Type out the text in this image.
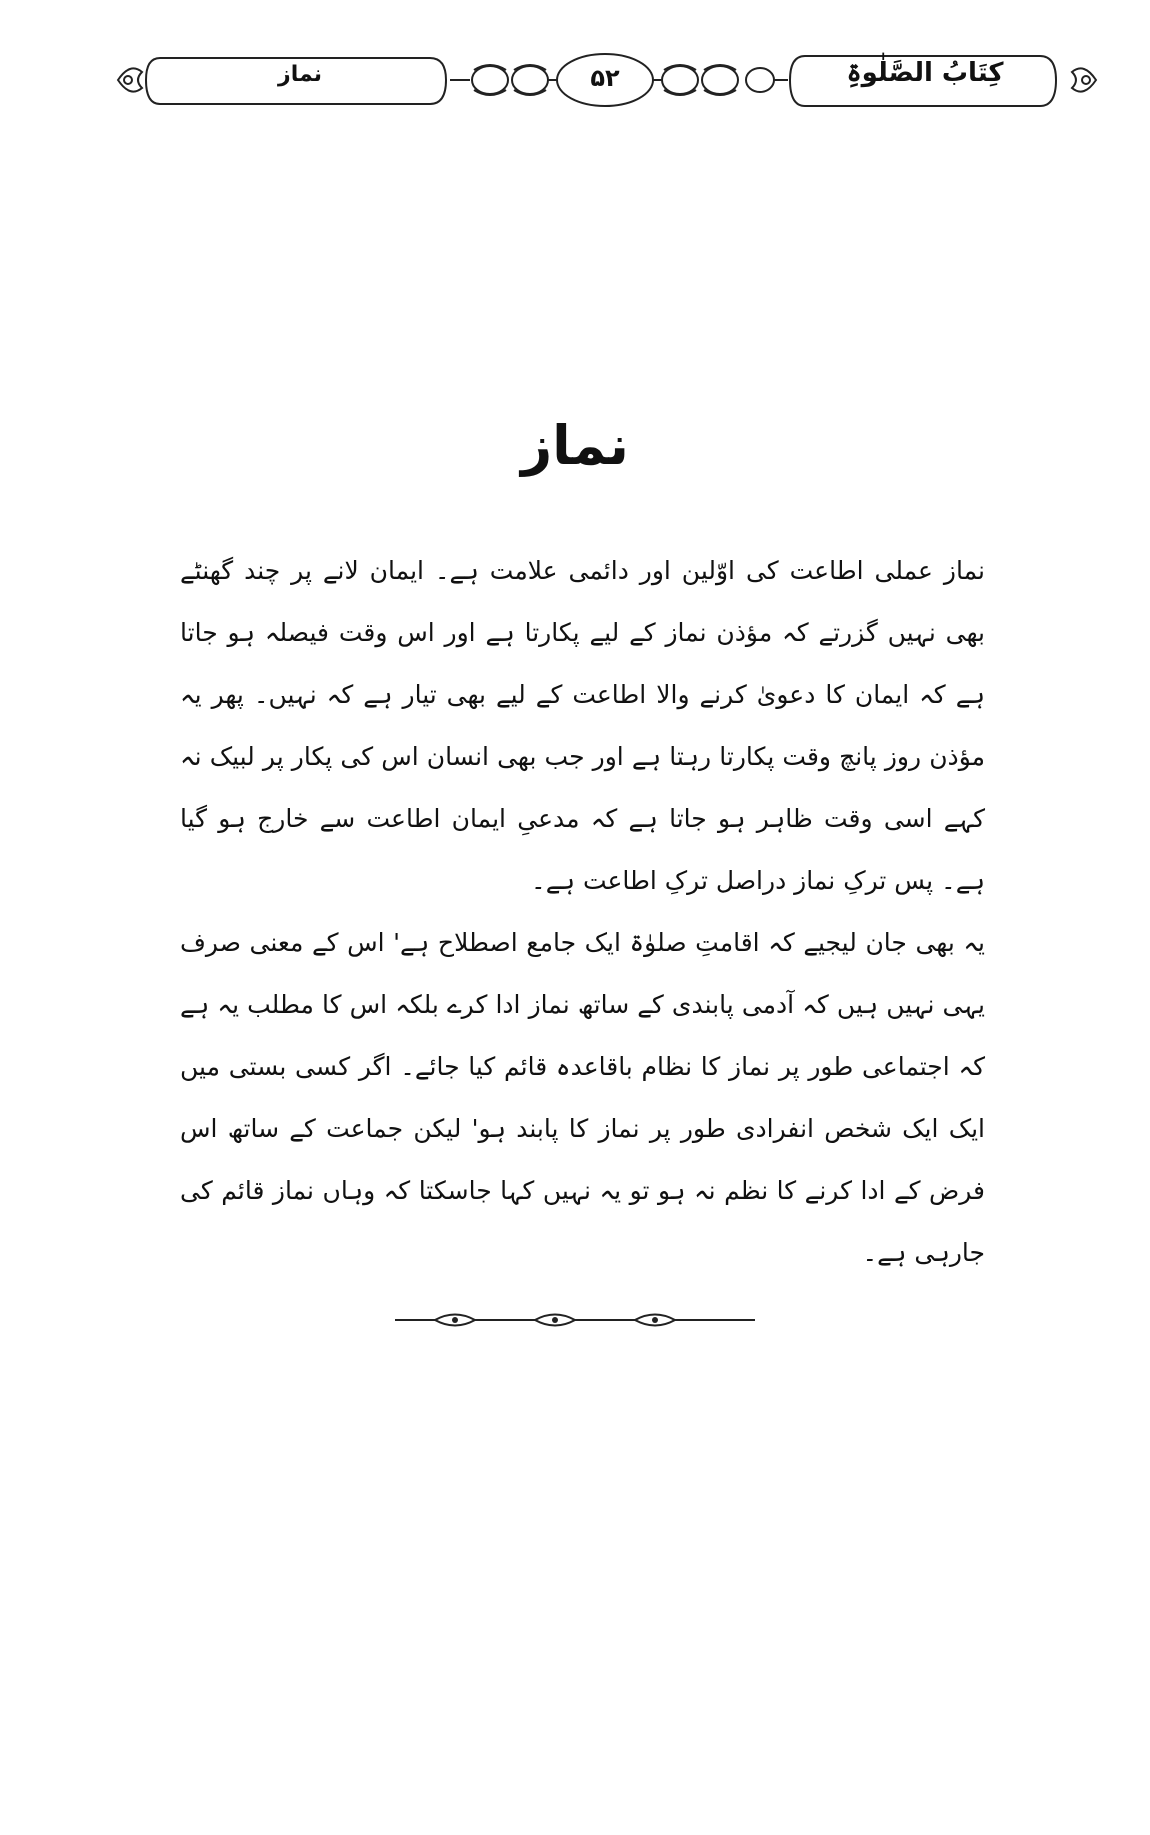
نماز	۵۲	کِتَابُ الصَّلٰوۃِ
نماز

نماز عملی اطاعت کی اوّلین اور دائمی علامت ہے۔ ایمان لانے پر چند گھنٹے بھی نہیں گزرتے کہ مؤذن نماز کے لیے پکارتا ہے اور اس وقت فیصلہ ہو جاتا ہے کہ ایمان کا دعویٰ کرنے والا اطاعت کے لیے بھی تیار ہے کہ نہیں۔ پھر یہ مؤذن روز پانچ وقت پکارتا رہتا ہے اور جب بھی انسان اس کی پکار پر لبیک نہ کہے اسی وقت ظاہر ہو جاتا ہے کہ مدعیِ ایمان اطاعت سے خارج ہو گیا ہے۔ پس ترکِ نماز دراصل ترکِ اطاعت ہے۔

یہ بھی جان لیجیے کہ اقامتِ صلوٰۃ ایک جامع اصطلاح ہے' اس کے معنی صرف یہی نہیں ہیں کہ آدمی پابندی کے ساتھ نماز ادا کرے بلکہ اس کا مطلب یہ ہے کہ اجتماعی طور پر نماز کا نظام باقاعدہ قائم کیا جائے۔ اگر کسی بستی میں ایک ایک شخص انفرادی طور پر نماز کا پابند ہو' لیکن جماعت کے ساتھ اس فرض کے ادا کرنے کا نظم نہ ہو تو یہ نہیں کہا جاسکتا کہ وہاں نماز قائم کی جارہی ہے۔
